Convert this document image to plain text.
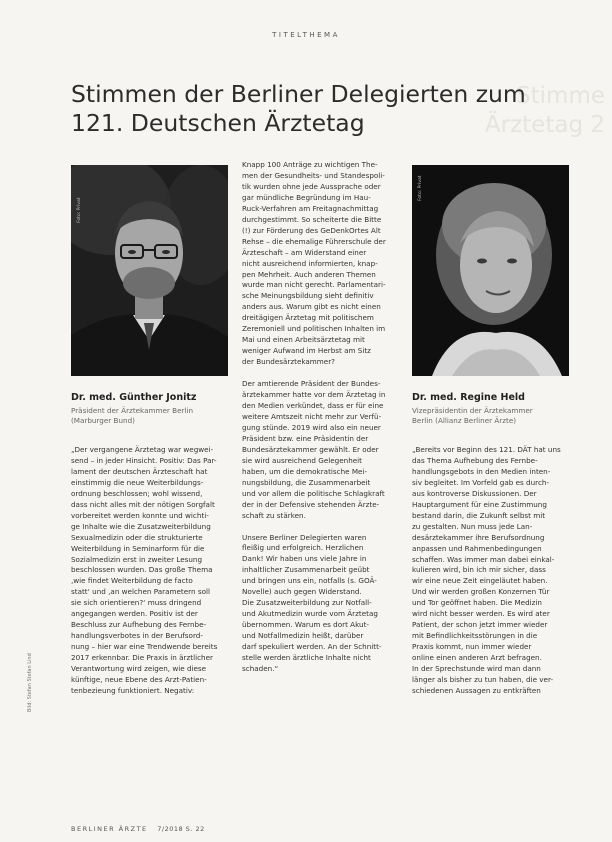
TITELTHEMA
Stimme
Ärztetag 2
Stimmen der Berliner Delegierten zum
121. Deutschen Ärztetag
Foto: Privat
Foto: Privat
Dr. med. Günther Jonitz
Präsident der Ärztekammer Berlin
(Marburger Bund)
Dr. med. Regine Held
Vizepräsidentin der Ärztekammer
Berlin (Allianz Berliner Ärzte)

„Der vergangene Ärztetag war wegwei-

send – in jeder Hinsicht. Positiv: Das Par-

lament der deutschen Ärzteschaft hat

einstimmig die neue Weiterbildungs-

ordnung beschlossen; wohl wissend,

dass nicht alles mit der nötigen Sorgfalt

vorbereitet werden konnte und wichti-

ge Inhalte wie die Zusatzweiterbildung

Sexualmedizin oder die strukturierte

Weiterbildung in Seminarform für die

Sozialmedizin erst in zweiter Lesung

beschlossen wurden. Das große Thema

‚wie findet Weiterbildung de facto

statt‘ und ‚an welchen Parametern soll

sie sich orientieren?‘ muss dringend

angegangen werden. Positiv ist der

Beschluss zur Aufhebung des Fernbe-

handlungsverbotes in der Berufsord-

nung – hier war eine Trendwende bereits

2017 erkennbar. Die Praxis in ärztlicher

Verantwortung wird zeigen, wie diese

künftige, neue Ebene des Arzt-Patien-

tenbezieung funktioniert. Negativ:

Knapp 100 Anträge zu wichtigen The-

men der Gesundheits- und Standespoli-

tik wurden ohne jede Aussprache oder

gar mündliche Begründung im Hau-

Ruck-Verfahren am Freitagnachmittag

durchgestimmt. So scheiterte die Bitte

(!) zur Förderung des GeDenkOrtes Alt

Rehse – die ehemalige Führerschule der

Ärzteschaft – am Widerstand einer

nicht ausreichend informierten, knap-

pen Mehrheit. Auch anderen Themen

wurde man nicht gerecht. Parlamentari-

sche Meinungsbildung sieht definitiv

anders aus. Warum gibt es nicht einen

dreitägigen Ärztetag mit politischem

Zeremoniell und politischen Inhalten im

Mai und einen Arbeitsärztetag mit

weniger Aufwand im Herbst am Sitz

der Bundesärztekammer?

Der amtierende Präsident der Bundes-

ärztekammer hatte vor dem Ärztetag in

den Medien verkündet, dass er für eine

weitere Amtszeit nicht mehr zur Verfü-

gung stünde. 2019 wird also ein neuer

Präsident bzw. eine Präsidentin der

Bundesärztekammer gewählt. Er oder

sie wird ausreichend Gelegenheit

haben, um die demokratische Mei-

nungsbildung, die Zusammenarbeit

und vor allem die politische Schlagkraft

der in der Defensive stehenden Ärzte-

schaft zu stärken.

Unsere Berliner Delegierten waren

fleißig und erfolgreich. Herzlichen

Dank! Wir haben uns viele Jahre in

inhaltlicher Zusammenarbeit geübt

und bringen uns ein, notfalls (s. GOÄ-

Novelle) auch gegen Widerstand.

Die Zusatzweiterbildung zur Notfall-

und Akutmedizin wurde vom Ärztetag

übernommen. Warum es dort Akut-

und Notfallmedizin heißt, darüber

darf spekuliert werden. An der Schnitt-

stelle werden ärztliche Inhalte nicht

schaden.“

„Bereits vor Beginn des 121. DÄT hat uns

das Thema Aufhebung des Fernbe-

handlungsgebots in den Medien inten-

siv begleitet. Im Vorfeld gab es durch-

aus kontroverse Diskussionen. Der

Hauptargument für eine Zustimmung

bestand darin, die Zukunft selbst mit

zu gestalten. Nun muss jede Lan-

desärztekammer ihre Berufsordnung

anpassen und Rahmenbedingungen

schaffen. Was immer man dabei einkal-

kulieren wird, bin ich mir sicher, dass

wir eine neue Zeit eingeläutet haben.

Und wir werden großen Konzernen Tür

und Tor geöffnet haben. Die Medizin

wird nicht besser werden. Es wird ater

Patient, der schon jetzt immer wieder

mit Befindlichkeitsstörungen in die

Praxis kommt, nun immer wieder

online einen anderen Arzt befragen.

In der Sprechstunde wird man dann

länger als bisher zu tun haben, die ver-

schiedenen Aussagen zu entkräften

Bild: Stefan Stefan Lind
BERLINER ÄRZTE 7/2018 S. 22
